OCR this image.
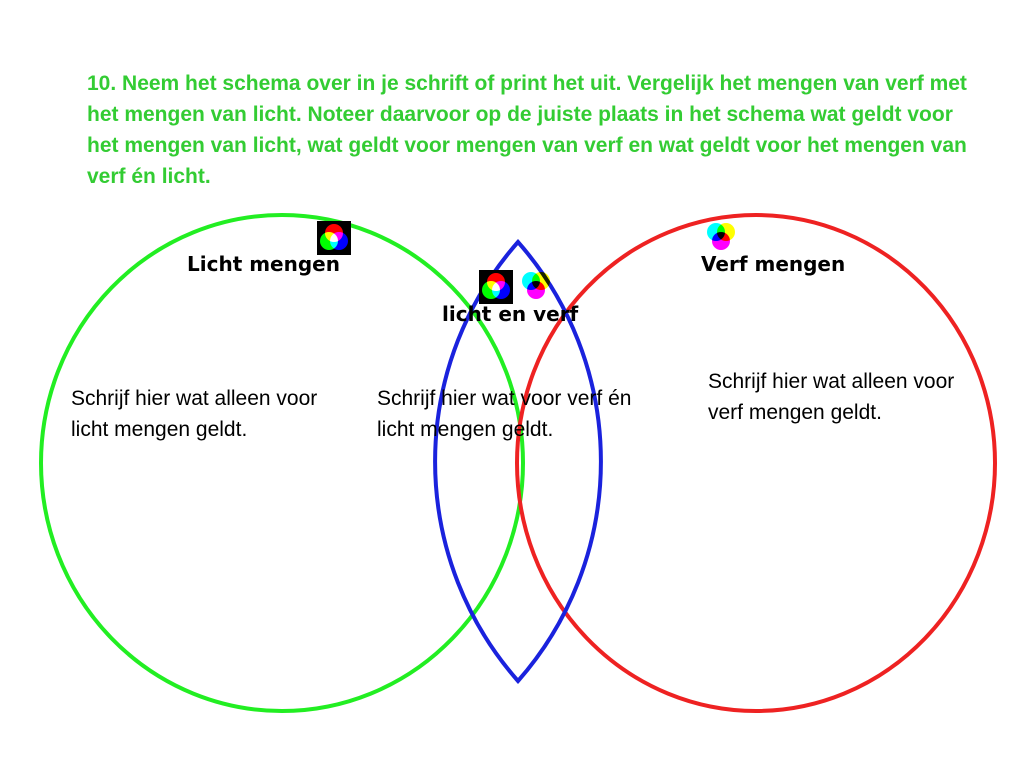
10. Neem het schema over in je schrift of print het uit. Vergelijk het mengen van verf met het mengen van licht. Noteer daarvoor op de juiste plaats in het schema wat geldt voor het mengen van licht, wat geldt voor mengen van verf en wat geldt voor het mengen van verf én licht.

Licht mengen	Verf mengen
licht en verf

Schrijf hier wat alleen voor licht mengen geldt.

Schrijf hier wat voor verf én licht mengen geldt.

Schrijf hier wat alleen voor verf mengen geldt.
